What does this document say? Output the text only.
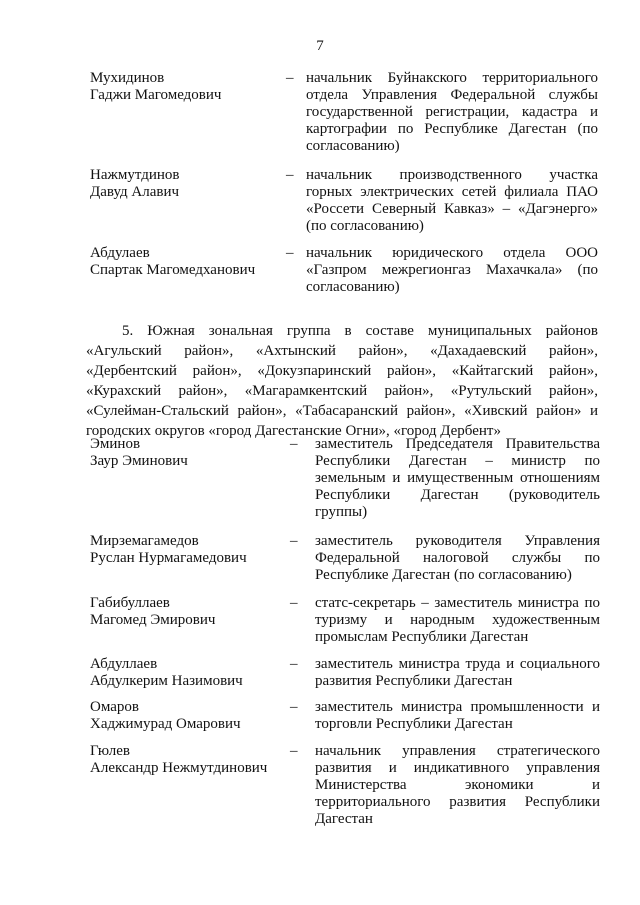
7
Мухидинов
Гаджи Магомедович
– начальник Буйнакского территориального
отдела Управления Федеральной службы
государственной регистрации, кадастра и
картографии по Республике Дагестан (по
согласованию)
Нажмутдинов
Давуд Алавич
– начальник производственного участка
горных электрических сетей филиала ПАО
«Россети Северный Кавказ» – «Дагэнерго»
(по согласованию)
Абдулаев
Спартак Магомедханович
– начальник юридического отдела ООО
«Газпром межрегионгаз Махачкала» (по
согласованию)
5. Южная зональная группа в составе муниципальных районов
«Агульский район», «Ахтынский район», «Дахадаевский район»,
«Дербентский район», «Докузпаринский район», «Кайтагский район»,
«Курахский район», «Магарамкентский район», «Рутульский район»,
«Сулейман-Стальский район», «Табасаранский район», «Хивский район» и
городских округов «город Дагестанские Огни», «город Дербент»
Эминов
Заур Эминович
– заместитель Председателя Правительства
Республики Дагестан – министр по
земельным и имущественным отношениям
Республики Дагестан (руководитель
группы)
Мирземагамедов
Руслан Нурмагамедович
– заместитель руководителя Управления
Федеральной налоговой службы по
Республике Дагестан (по согласованию)
Габибуллаев
Магомед Эмирович
– статс-секретарь – заместитель министра по
туризму и народным художественным
промыслам Республики Дагестан
Абдуллаев
Абдулкерим Назимович
– заместитель министра труда и социального
развития Республики Дагестан
Омаров
Хаджимурад Омарович
– заместитель министра промышленности и
торговли Республики Дагестан
Гюлев
Александр Нежмутдинович
– начальник управления стратегического
развития и индикативного управления
Министерства экономики и
территориального развития Республики
Дагестан
